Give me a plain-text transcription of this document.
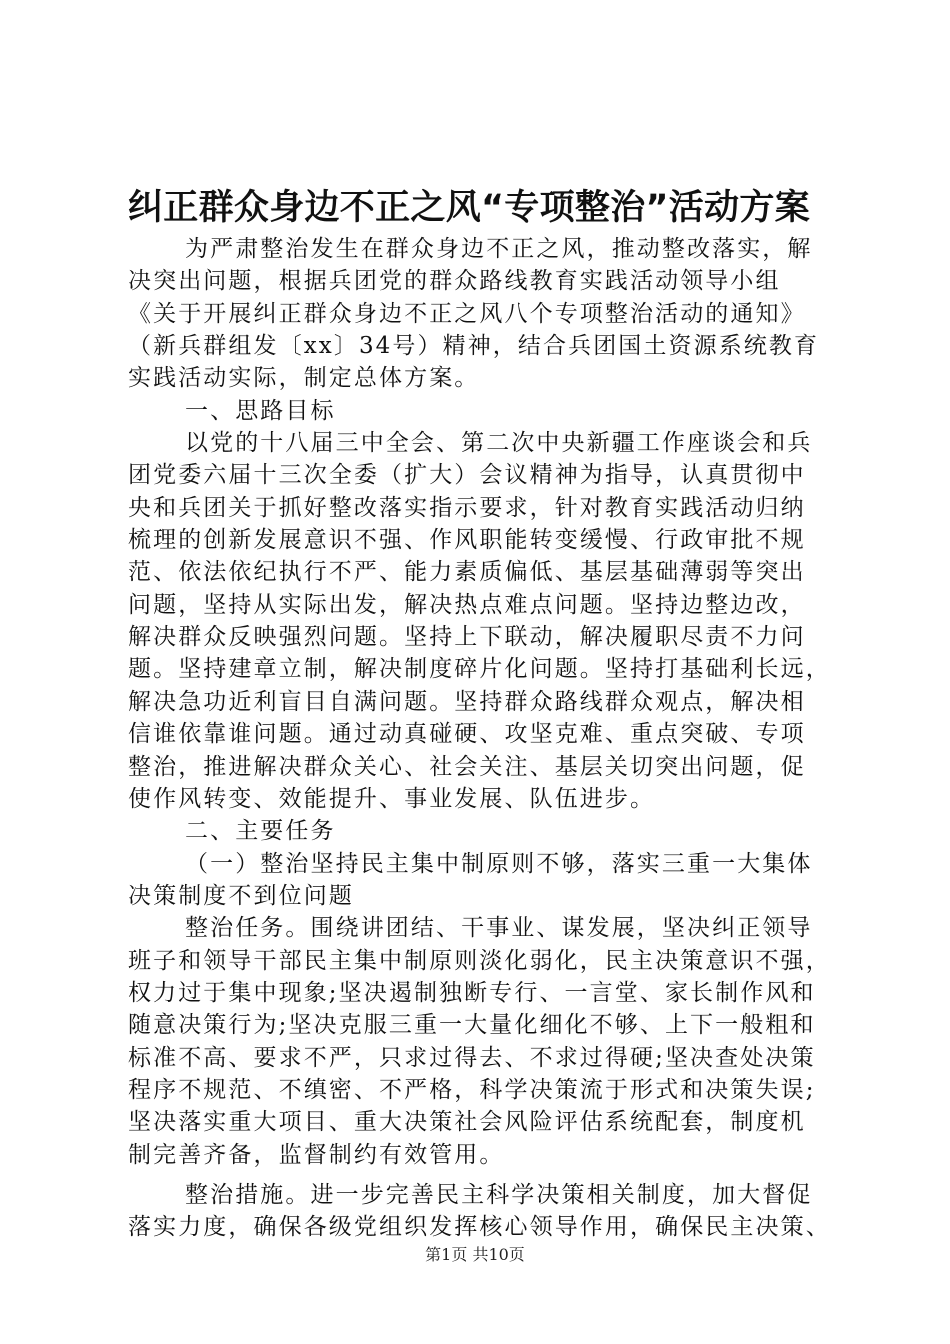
纠正群众身边不正之风“专项整治”活动方案
为严肃整治发生在群众身边不正之风，推动整改落实，解
决突出问题，根据兵团党的群众路线教育实践活动领导小组
《关于开展纠正群众身边不正之风八个专项整治活动的通知》
（新兵群组发〔xx〕34号）精神，结合兵团国土资源系统教育
实践活动实际，制定总体方案。
一、思路目标
以党的十八届三中全会、第二次中央新疆工作座谈会和兵
团党委六届十三次全委（扩大）会议精神为指导，认真贯彻中
央和兵团关于抓好整改落实指示要求，针对教育实践活动归纳
梳理的创新发展意识不强、作风职能转变缓慢、行政审批不规
范、依法依纪执行不严、能力素质偏低、基层基础薄弱等突出
问题，坚持从实际出发，解决热点难点问题。坚持边整边改，
解决群众反映强烈问题。坚持上下联动，解决履职尽责不力问
题。坚持建章立制，解决制度碎片化问题。坚持打基础利长远，
解决急功近利盲目自满问题。坚持群众路线群众观点，解决相
信谁依靠谁问题。通过动真碰硬、攻坚克难、重点突破、专项
整治，推进解决群众关心、社会关注、基层关切突出问题，促
使作风转变、效能提升、事业发展、队伍进步。
二、主要任务
（一）整治坚持民主集中制原则不够，落实三重一大集体
决策制度不到位问题
整治任务。围绕讲团结、干事业、谋发展，坚决纠正领导
班子和领导干部民主集中制原则淡化弱化，民主决策意识不强，
权力过于集中现象;坚决遏制独断专行、一言堂、家长制作风和
随意决策行为;坚决克服三重一大量化细化不够、上下一般粗和
标准不高、要求不严，只求过得去、不求过得硬;坚决查处决策
程序不规范、不缜密、不严格，科学决策流于形式和决策失误;
坚决落实重大项目、重大决策社会风险评估系统配套，制度机
制完善齐备，监督制约有效管用。
整治措施。进一步完善民主科学决策相关制度，加大督促
落实力度，确保各级党组织发挥核心领导作用，确保民主决策、
第1页 共10页
